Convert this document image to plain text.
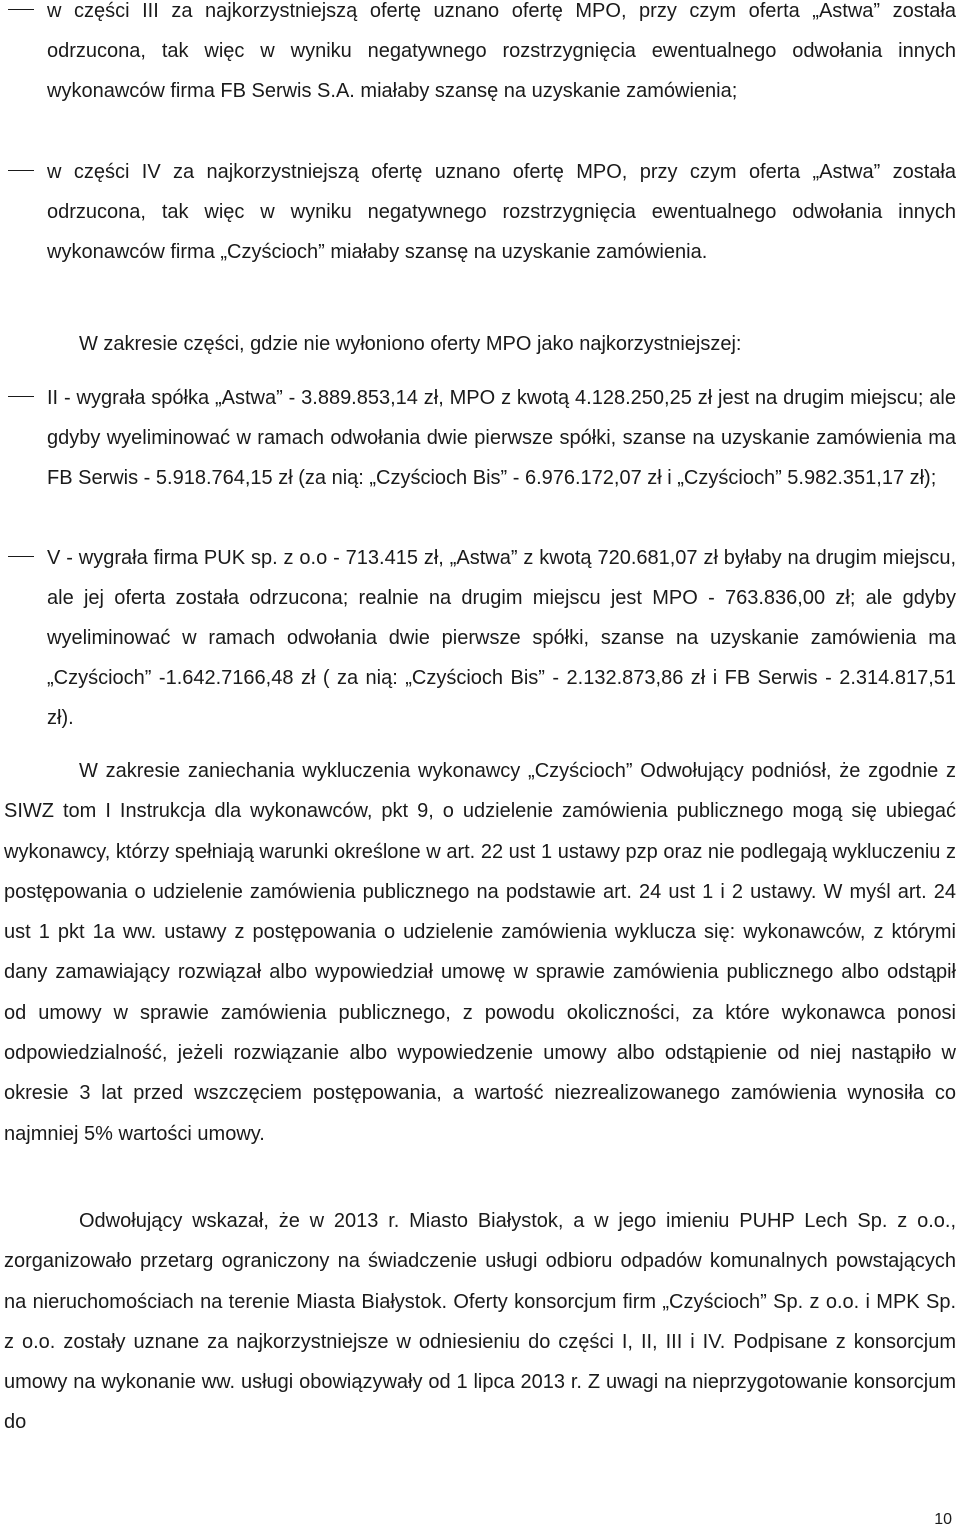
w części III za najkorzystniejszą ofertę uznano ofertę MPO, przy czym oferta „Astwa” została odrzucona, tak więc w wyniku negatywnego rozstrzygnięcia ewentualnego odwołania innych wykonawców firma FB Serwis S.A. miałaby szansę na uzyskanie zamówienia;
w części IV za najkorzystniejszą ofertę uznano ofertę MPO, przy czym oferta „Astwa” została odrzucona, tak więc w wyniku negatywnego rozstrzygnięcia ewentualnego odwołania innych wykonawców firma „Czyścioch” miałaby szansę na uzyskanie zamówienia.
W zakresie części, gdzie nie wyłoniono oferty MPO jako najkorzystniejszej:
II - wygrała spółka „Astwa” - 3.889.853,14 zł, MPO z kwotą 4.128.250,25 zł jest na drugim miejscu; ale gdyby wyeliminować w ramach odwołania dwie pierwsze spółki, szanse na uzyskanie zamówienia ma FB Serwis - 5.918.764,15 zł (za nią: „Czyścioch Bis” - 6.976.172,07 zł i „Czyścioch” 5.982.351,17 zł);
V - wygrała firma PUK sp. z o.o - 713.415 zł, „Astwa” z kwotą 720.681,07 zł byłaby na drugim miejscu, ale jej oferta została odrzucona; realnie na drugim miejscu jest MPO - 763.836,00 zł; ale gdyby wyeliminować w ramach odwołania dwie pierwsze spółki, szanse na uzyskanie zamówienia ma „Czyścioch” -1.642.7166,48 zł ( za nią: „Czyścioch Bis” - 2.132.873,86 zł i FB Serwis - 2.314.817,51 zł).
W zakresie zaniechania wykluczenia wykonawcy „Czyścioch” Odwołujący podniósł, że zgodnie z SIWZ tom I Instrukcja dla wykonawców, pkt 9, o udzielenie zamówienia publicznego mogą się ubiegać wykonawcy, którzy spełniają warunki określone w art. 22 ust 1 ustawy pzp oraz nie podlegają wykluczeniu z postępowania o udzielenie zamówienia publicznego na podstawie art. 24 ust 1 i 2 ustawy. W myśl art. 24 ust 1 pkt 1a ww. ustawy z postępowania o udzielenie zamówienia wyklucza się: wykonawców, z którymi dany zamawiający rozwiązał albo wypowiedział umowę w sprawie zamówienia publicznego albo odstąpił od umowy w sprawie zamówienia publicznego, z powodu okoliczności, za które wykonawca ponosi odpowiedzialność, jeżeli rozwiązanie albo wypowiedzenie umowy albo odstąpienie od niej nastąpiło w okresie 3 lat przed wszczęciem postępowania, a wartość niezrealizowanego zamówienia wynosiła co najmniej 5% wartości umowy.
Odwołujący wskazał, że w 2013 r. Miasto Białystok, a w jego imieniu PUHP Lech Sp. z o.o., zorganizowało przetarg ograniczony na świadczenie usługi odbioru odpadów komunalnych powstających na nieruchomościach na terenie Miasta Białystok. Oferty konsorcjum firm „Czyścioch” Sp. z o.o. i MPK Sp. z o.o. zostały uznane za najkorzystniejsze w odniesieniu do części I, II, III i IV. Podpisane z konsorcjum umowy na wykonanie ww. usługi obowiązywały od 1 lipca 2013 r. Z uwagi na nieprzygotowanie konsorcjum do
10
